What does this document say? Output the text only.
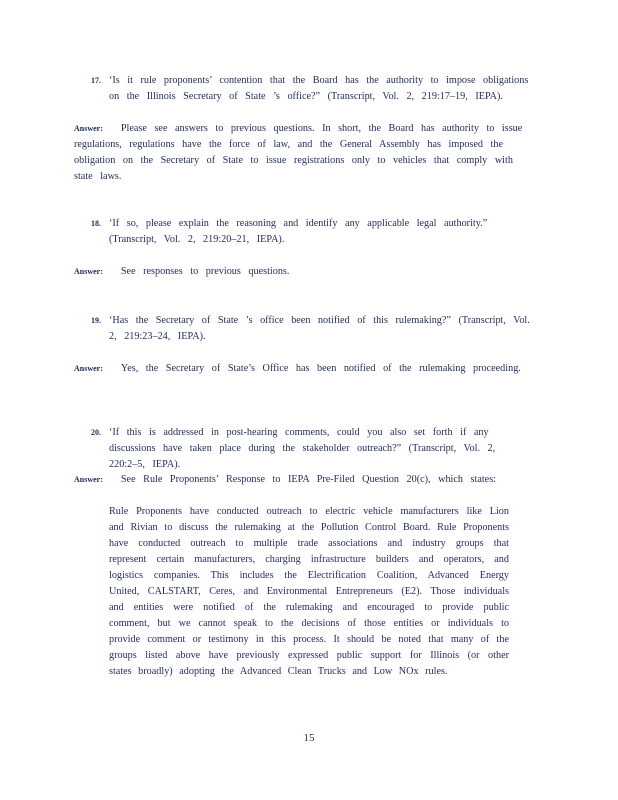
17. ‘Is it rule proponents’ contention that the Board has the authority to impose obligations on the Illinois Secretary of State ’s office?” (Transcript, Vol. 2, 219:17–19, IEPA).
Answer: Please see answers to previous questions. In short, the Board has authority to issue regulations, regulations have the force of law, and the General Assembly has imposed the obligation on the Secretary of State to issue registrations only to vehicles that comply with state laws.
18. ‘If so, please explain the reasoning and identify any applicable legal authority.” (Transcript, Vol. 2, 219:20–21, IEPA).
Answer: See responses to previous questions.
19. ‘Has the Secretary of State ’s office been notified of this rulemaking?” (Transcript, Vol. 2, 219:23–24, IEPA).
Answer: Yes, the Secretary of State’s Office has been notified of the rulemaking proceeding.
20. ‘If this is addressed in post-hearing comments, could you also set forth if any discussions have taken place during the stakeholder outreach?” (Transcript, Vol. 2, 220:2–5, IEPA).
Answer: See Rule Proponents’ Response to IEPA Pre-Filed Question 20(c), which states:
Rule Proponents have conducted outreach to electric vehicle manufacturers like Lion and Rivian to discuss the rulemaking at the Pollution Control Board. Rule Proponents have conducted outreach to multiple trade associations and industry groups that represent certain manufacturers, charging infrastructure builders and operators, and logistics companies. This includes the Electrification Coalition, Advanced Energy United, CALSTART, Ceres, and Environmental Entrepreneurs (E2). Those individuals and entities were notified of the rulemaking and encouraged to provide public comment, but we cannot speak to the decisions of those entities or individuals to provide comment or testimony in this process. It should be noted that many of the groups listed above have previously expressed public support for Illinois (or other states broadly) adopting the Advanced Clean Trucks and Low NOx rules.
15
